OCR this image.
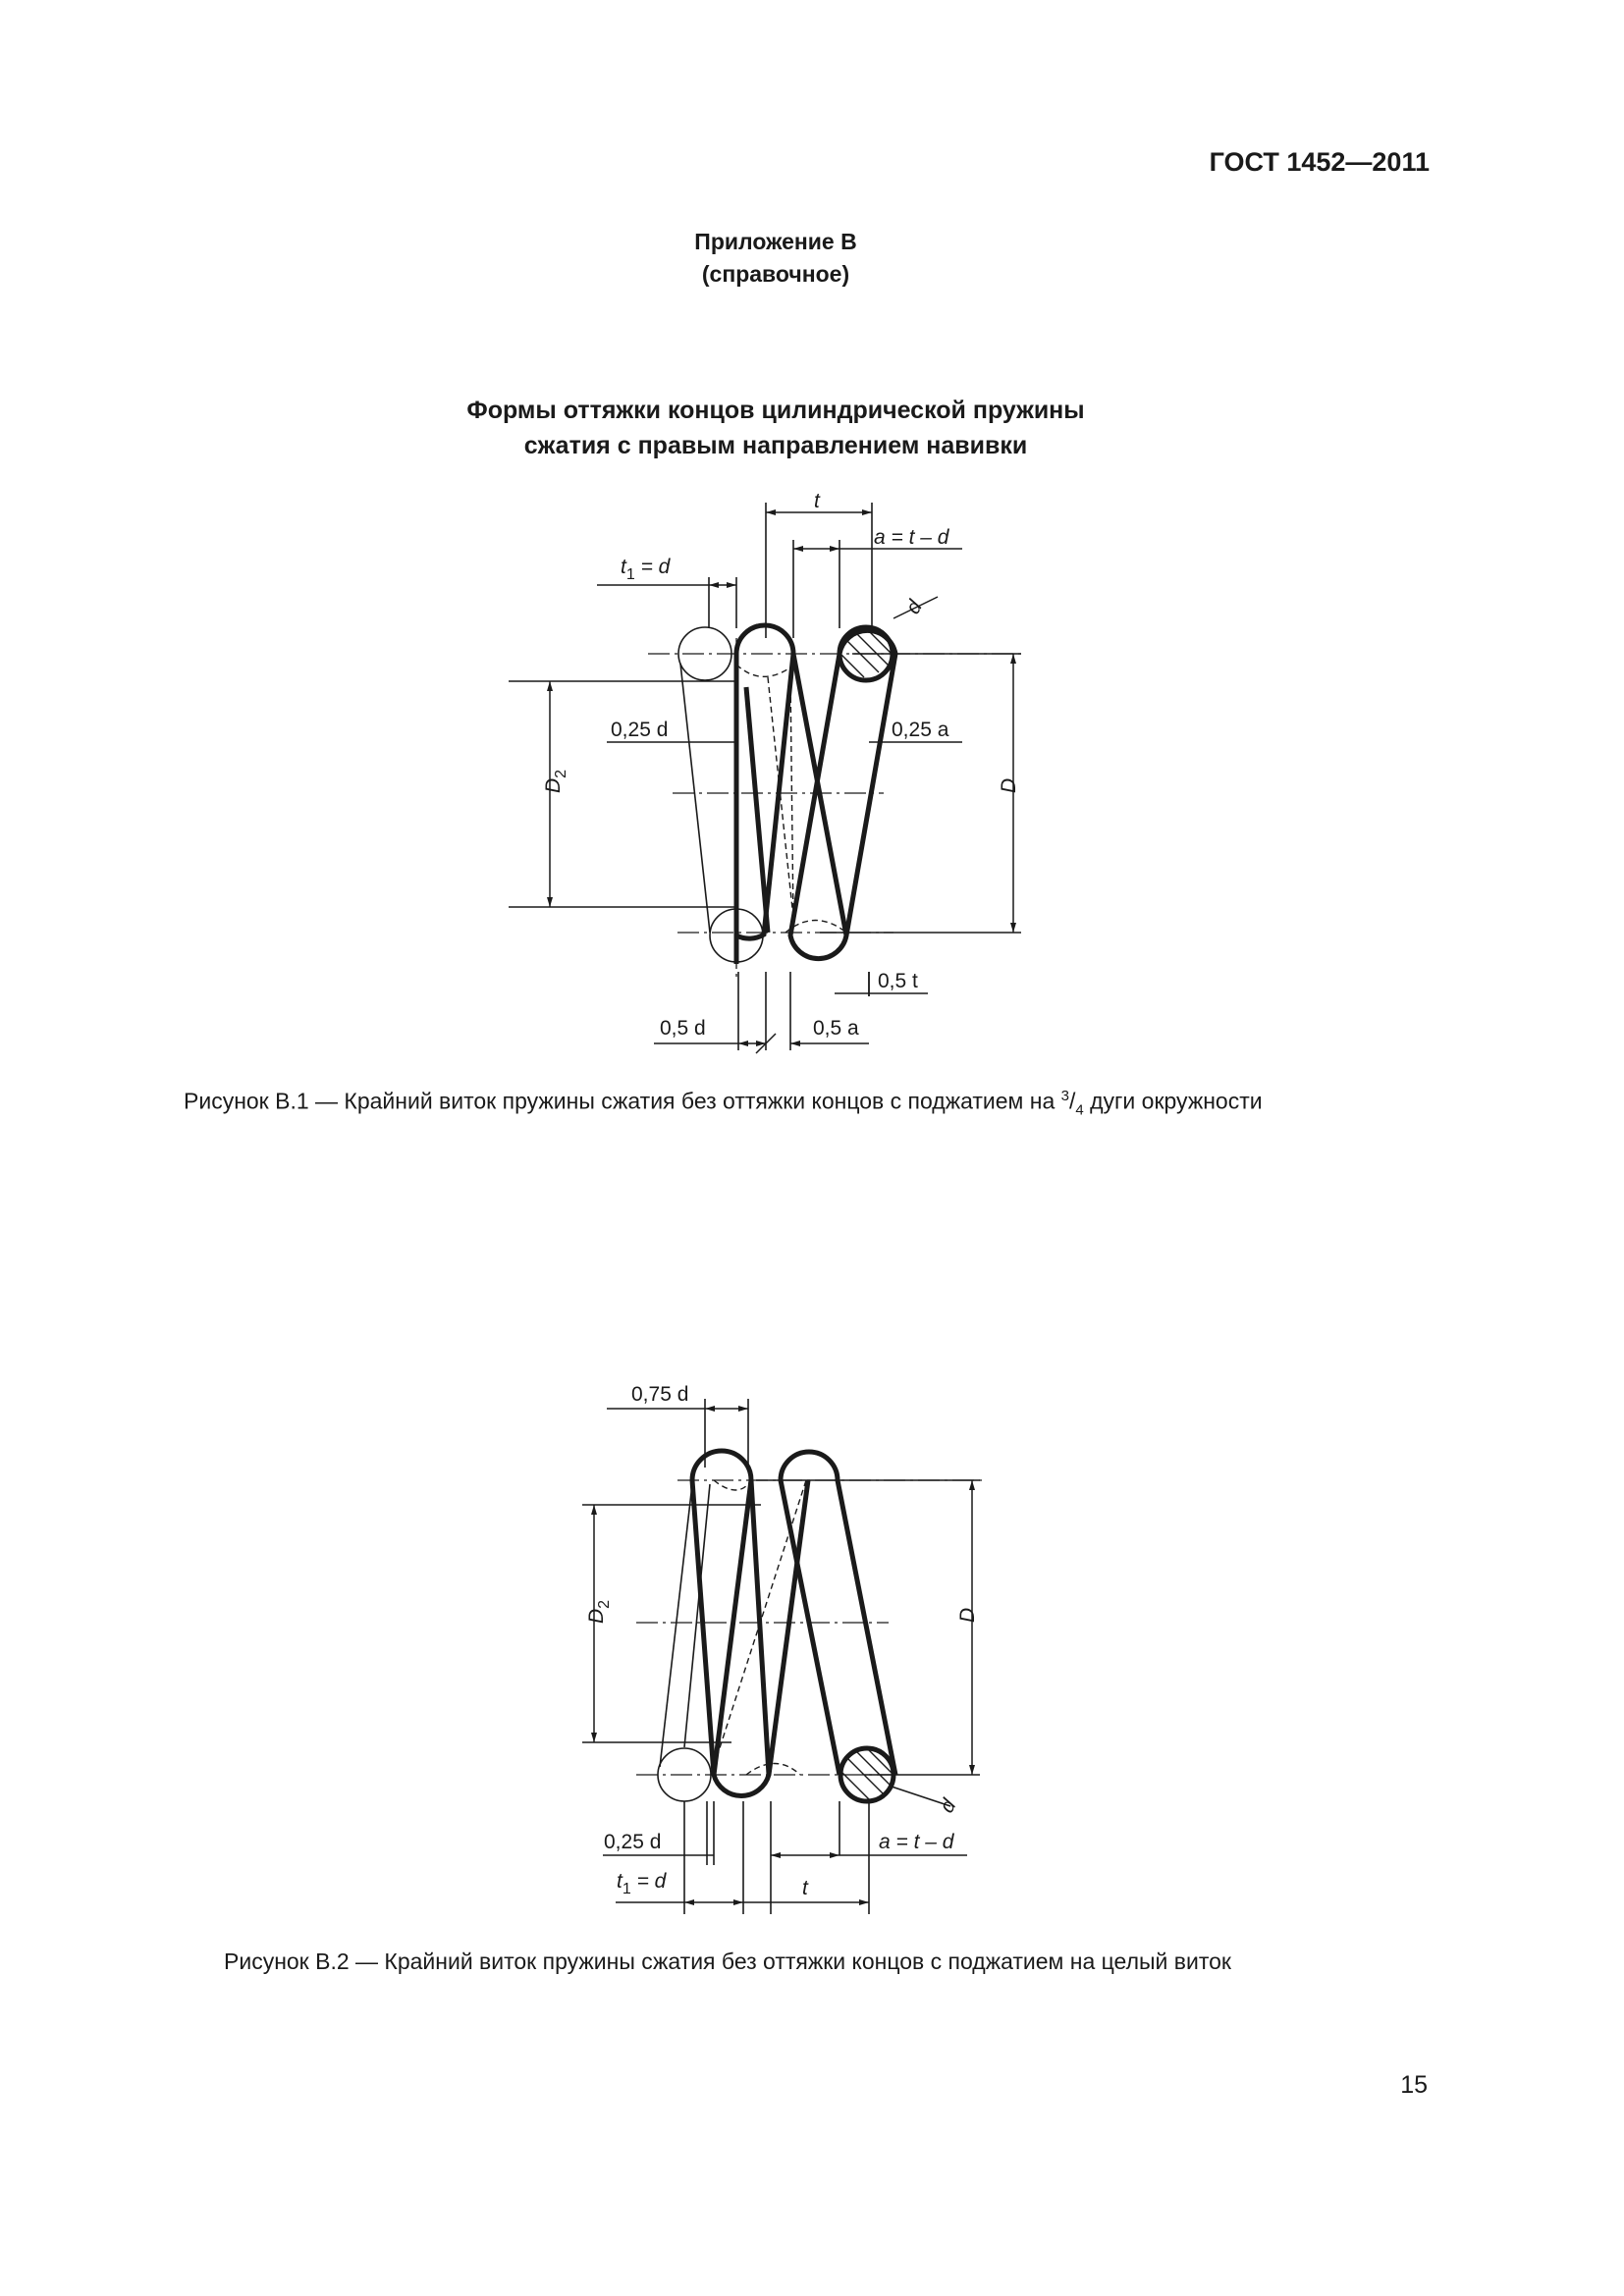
ГОСТ 1452—2011
Приложение В
(справочное)
Формы оттяжки концов цилиндрической пружины
сжатия с правым направлением навивки
t
a = t – d
$t_1 = d$
d
$D_2$
D
0,25 d	0,25 a
0,5 t
0,5 d	0,5 a
Рисунок В.1 — Крайний виток пружины сжатия без оттяжки концов с поджатием на $^3/_4$ дуги окружности
0,75 d
$D_2$
D
d
0,25 d	a = t – d
$t_1 = d$	t
Рисунок В.2 — Крайний виток пружины сжатия без оттяжки концов с поджатием на целый виток
15
